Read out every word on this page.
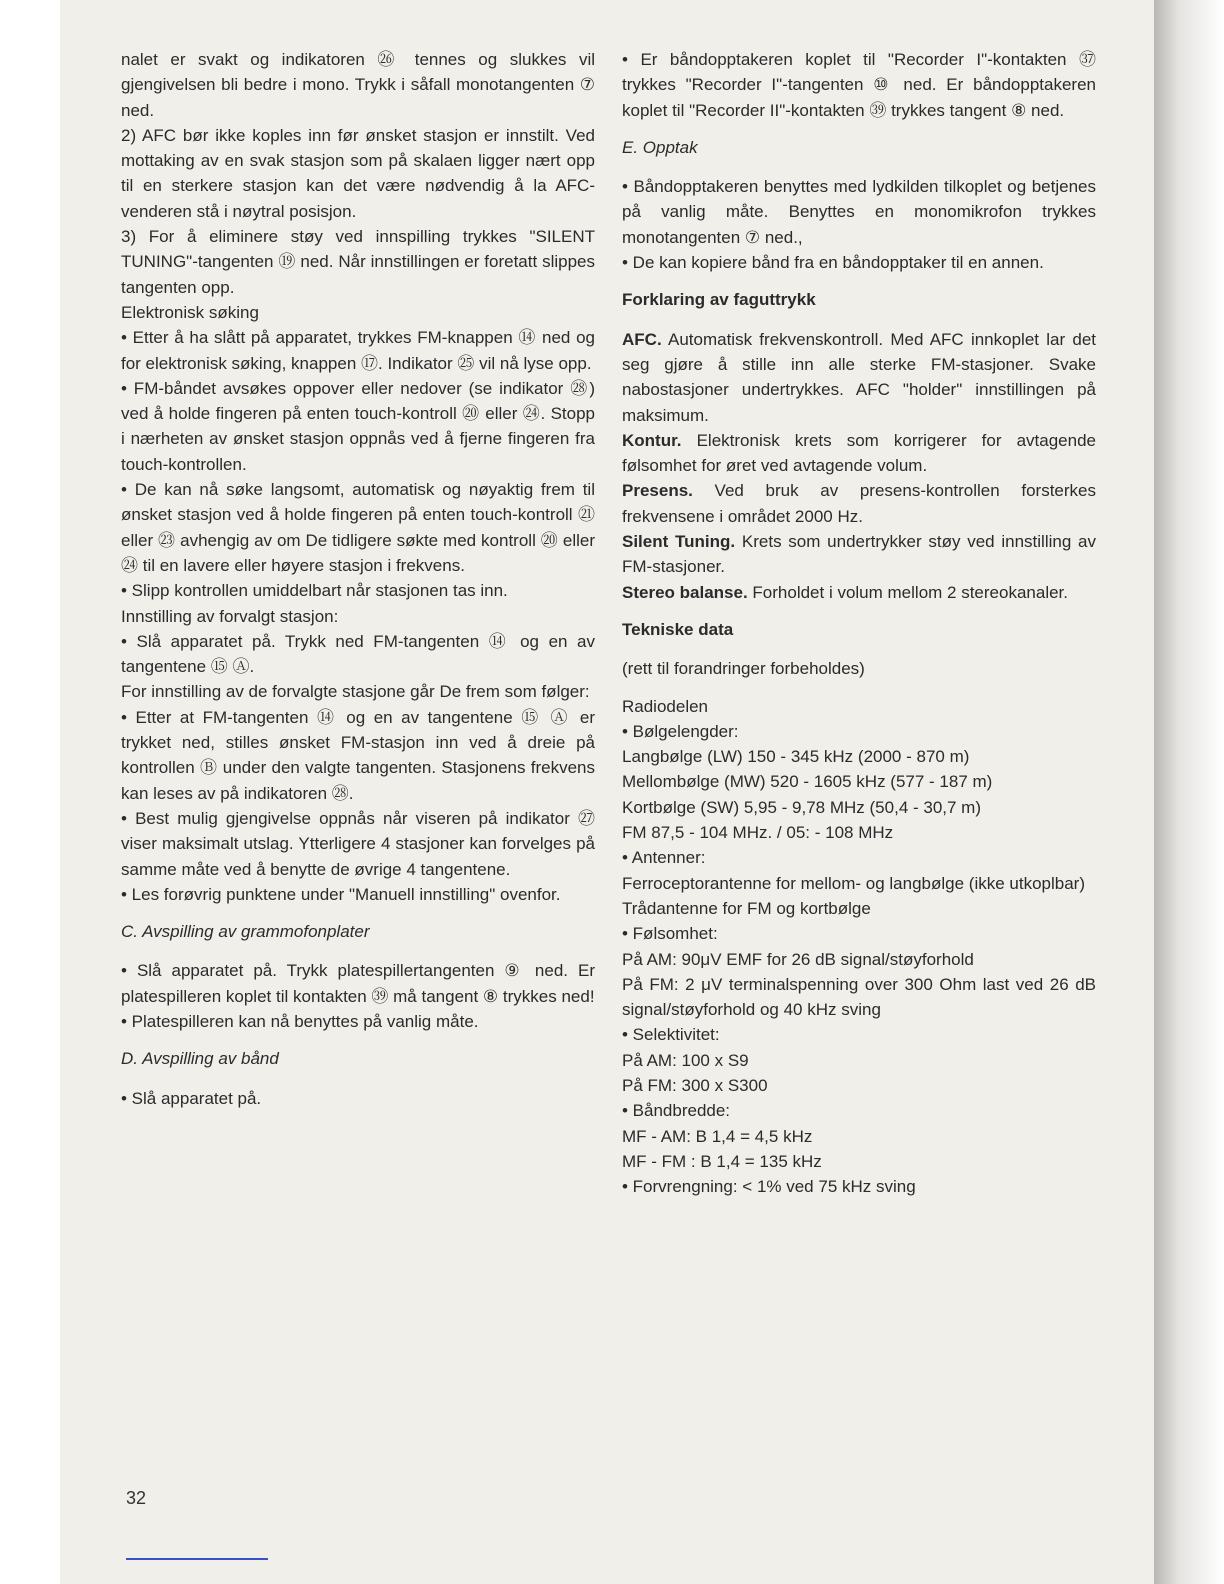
nalet er svakt og indikatoren ㉖ tennes og slukkes vil gjengivelsen bli bedre i mono. Trykk i såfall monotangenten ⑦ ned.

2) AFC bør ikke koples inn før ønsket stasjon er innstilt. Ved mottaking av en svak stasjon som på skalaen ligger nært opp til en sterkere stasjon kan det være nødvendig å la AFC-venderen stå i nøytral posisjon.

3) For å eliminere støy ved innspilling trykkes "SILENT TUNING"-tangenten ⑲ ned. Når innstillingen er foretatt slippes tangenten opp.

Elektronisk søking

• Etter å ha slått på apparatet, trykkes FM-knappen ⑭ ned og for elektronisk søking, knappen ⑰. Indikator ㉕ vil nå lyse opp.

• FM-båndet avsøkes oppover eller nedover (se indikator ㉘) ved å holde fingeren på enten touch-kontroll ⑳ eller ㉔. Stopp i nærheten av ønsket stasjon oppnås ved å fjerne fingeren fra touch-kontrollen.

• De kan nå søke langsomt, automatisk og nøyaktig frem til ønsket stasjon ved å holde fingeren på enten touch-kontroll ㉑ eller ㉓ avhengig av om De tidligere søkte med kontroll ⑳ eller ㉔ til en lavere eller høyere stasjon i frekvens.

• Slipp kontrollen umiddelbart når stasjonen tas inn.

Innstilling av forvalgt stasjon:

• Slå apparatet på. Trykk ned FM-tangenten ⑭ og en av tangentene ⑮ Ⓐ.

For innstilling av de forvalgte stasjone går De frem som følger:

• Etter at FM-tangenten ⑭ og en av tangentene ⑮ Ⓐ er trykket ned, stilles ønsket FM-stasjon inn ved å dreie på kontrollen Ⓑ under den valgte tangenten. Stasjonens frekvens kan leses av på indikatoren ㉘.

• Best mulig gjengivelse oppnås når viseren på indikator ㉗ viser maksimalt utslag. Ytterligere 4 stasjoner kan forvelges på samme måte ved å benytte de øvrige 4 tangentene.

• Les forøvrig punktene under "Manuell innstilling" ovenfor.

C. Avspilling av grammofonplater

• Slå apparatet på. Trykk platespillertangenten ⑨ ned. Er platespilleren koplet til kontakten ㊴ må tangent ⑧ trykkes ned!

• Platespilleren kan nå benyttes på vanlig måte.

D. Avspilling av bånd

• Slå apparatet på.

• Er båndopptakeren koplet til "Recorder I"-kontakten ㊲ trykkes "Recorder I"-tangenten ⑩ ned. Er båndopptakeren koplet til "Recorder II"-kontakten ㊴ trykkes tangent ⑧ ned.

E. Opptak

• Båndopptakeren benyttes med lydkilden tilkoplet og betjenes på vanlig måte. Benyttes en monomikrofon trykkes monotangenten ⑦ ned.,

• De kan kopiere bånd fra en båndopptaker til en annen.

Forklaring av faguttrykk

AFC. Automatisk frekvenskontroll. Med AFC innkoplet lar det seg gjøre å stille inn alle sterke FM-stasjoner. Svake nabostasjoner undertrykkes. AFC "holder" innstillingen på maksimum.

Kontur. Elektronisk krets som korrigerer for avtagende følsomhet for øret ved avtagende volum.

Presens. Ved bruk av presens-kontrollen forsterkes frekvensene i området 2000 Hz.

Silent Tuning. Krets som undertrykker støy ved innstilling av FM-stasjoner.

Stereo balanse. Forholdet i volum mellom 2 stereokanaler.

Tekniske data

(rett til forandringer forbeholdes)

Radiodelen

• Bølgelengder:

Langbølge (LW) 150 - 345 kHz (2000 - 870 m)

Mellombølge (MW) 520 - 1605 kHz (577 - 187 m)

Kortbølge (SW) 5,95 - 9,78 MHz (50,4 - 30,7 m)

FM 87,5 - 104 MHz. / 05: - 108 MHz

• Antenner:

Ferroceptorantenne for mellom- og langbølge (ikke utkoplbar)

Trådantenne for FM og kortbølge

• Følsomhet:

På AM: 90μV EMF for 26 dB signal/støyforhold

På FM: 2 μV terminalspenning over 300 Ohm last ved 26 dB signal/støyforhold og 40 kHz sving

• Selektivitet:

På AM: 100 x S9

På FM: 300 x S300

• Båndbredde:

MF - AM: B 1,4 = 4,5 kHz

MF - FM : B 1,4 = 135 kHz

• Forvrengning: < 1% ved 75 kHz sving

32
